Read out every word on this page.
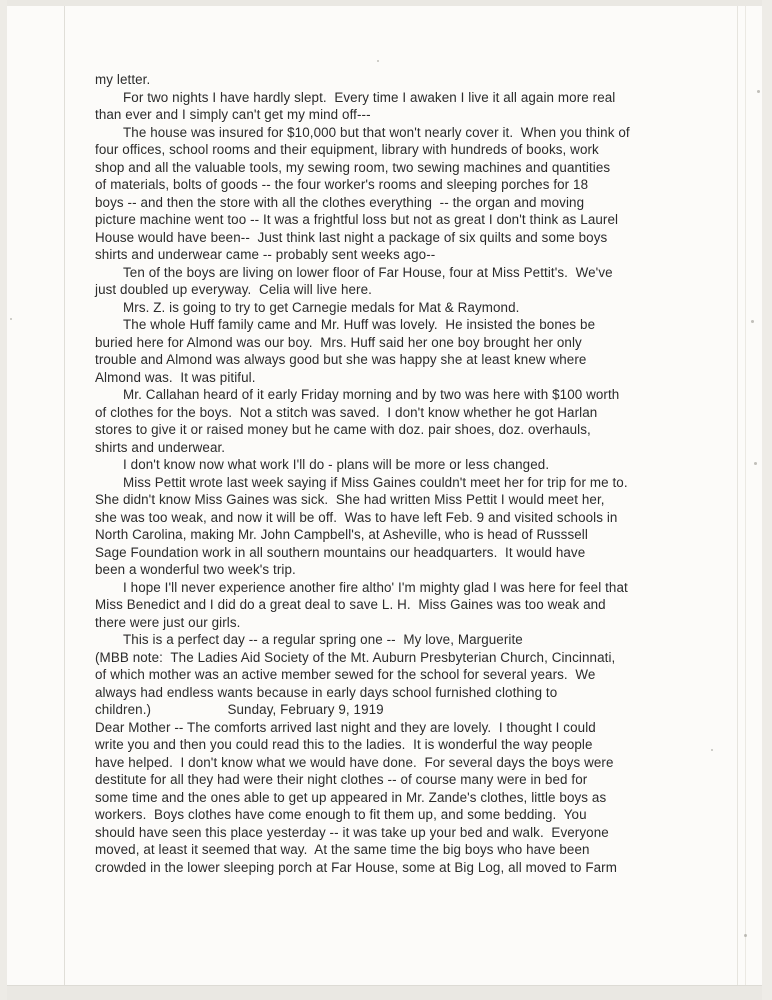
my letter.
For two nights I have hardly slept.  Every time I awaken I live it all again more real
than ever and I simply can't get my mind off---
The house was insured for $10,000 but that won't nearly cover it.  When you think of
four offices, school rooms and their equipment, library with hundreds of books, work
shop and all the valuable tools, my sewing room, two sewing machines and quantities
of materials, bolts of goods -- the four worker's rooms and sleeping porches for 18
boys -- and then the store with all the clothes everything  -- the organ and moving
picture machine went too -- It was a frightful loss but not as great I don't think as Laurel
House would have been--  Just think last night a package of six quilts and some boys
shirts and underwear came -- probably sent weeks ago--
Ten of the boys are living on lower floor of Far House, four at Miss Pettit's.  We've
just doubled up everyway.  Celia will live here.
Mrs. Z. is going to try to get Carnegie medals for Mat & Raymond.
The whole Huff family came and Mr. Huff was lovely.  He insisted the bones be
buried here for Almond was our boy.  Mrs. Huff said her one boy brought her only
trouble and Almond was always good but she was happy she at least knew where
Almond was.  It was pitiful.
Mr. Callahan heard of it early Friday morning and by two was here with $100 worth
of clothes for the boys.  Not a stitch was saved.  I don't know whether he got Harlan
stores to give it or raised money but he came with doz. pair shoes, doz. overhauls,
shirts and underwear.
I don't know now what work I'll do - plans will be more or less changed.
Miss Pettit wrote last week saying if Miss Gaines couldn't meet her for trip for me to.
She didn't know Miss Gaines was sick.  She had written Miss Pettit I would meet her,
she was too weak, and now it will be off.  Was to have left Feb. 9 and visited schools in
North Carolina, making Mr. John Campbell's, at Asheville, who is head of Russsell
Sage Foundation work in all southern mountains our headquarters.  It would have
been a wonderful two week's trip.
I hope I'll never experience another fire altho' I'm mighty glad I was here for feel that
Miss Benedict and I did do a great deal to save L. H.  Miss Gaines was too weak and
there were just our girls.
This is a perfect day -- a regular spring one --  My love, Marguerite
(MBB note:  The Ladies Aid Society of the Mt. Auburn Presbyterian Church, Cincinnati,
of which mother was an active member sewed for the school for several years.  We
always had endless wants because in early days school furnished clothing to
children.)                    Sunday, February 9, 1919
Dear Mother -- The comforts arrived last night and they are lovely.  I thought I could
write you and then you could read this to the ladies.  It is wonderful the way people
have helped.  I don't know what we would have done.  For several days the boys were
destitute for all they had were their night clothes -- of course many were in bed for
some time and the ones able to get up appeared in Mr. Zande's clothes, little boys as
workers.  Boys clothes have come enough to fit them up, and some bedding.  You
should have seen this place yesterday -- it was take up your bed and walk.  Everyone
moved, at least it seemed that way.  At the same time the big boys who have been
crowded in the lower sleeping porch at Far House, some at Big Log, all moved to Farm
